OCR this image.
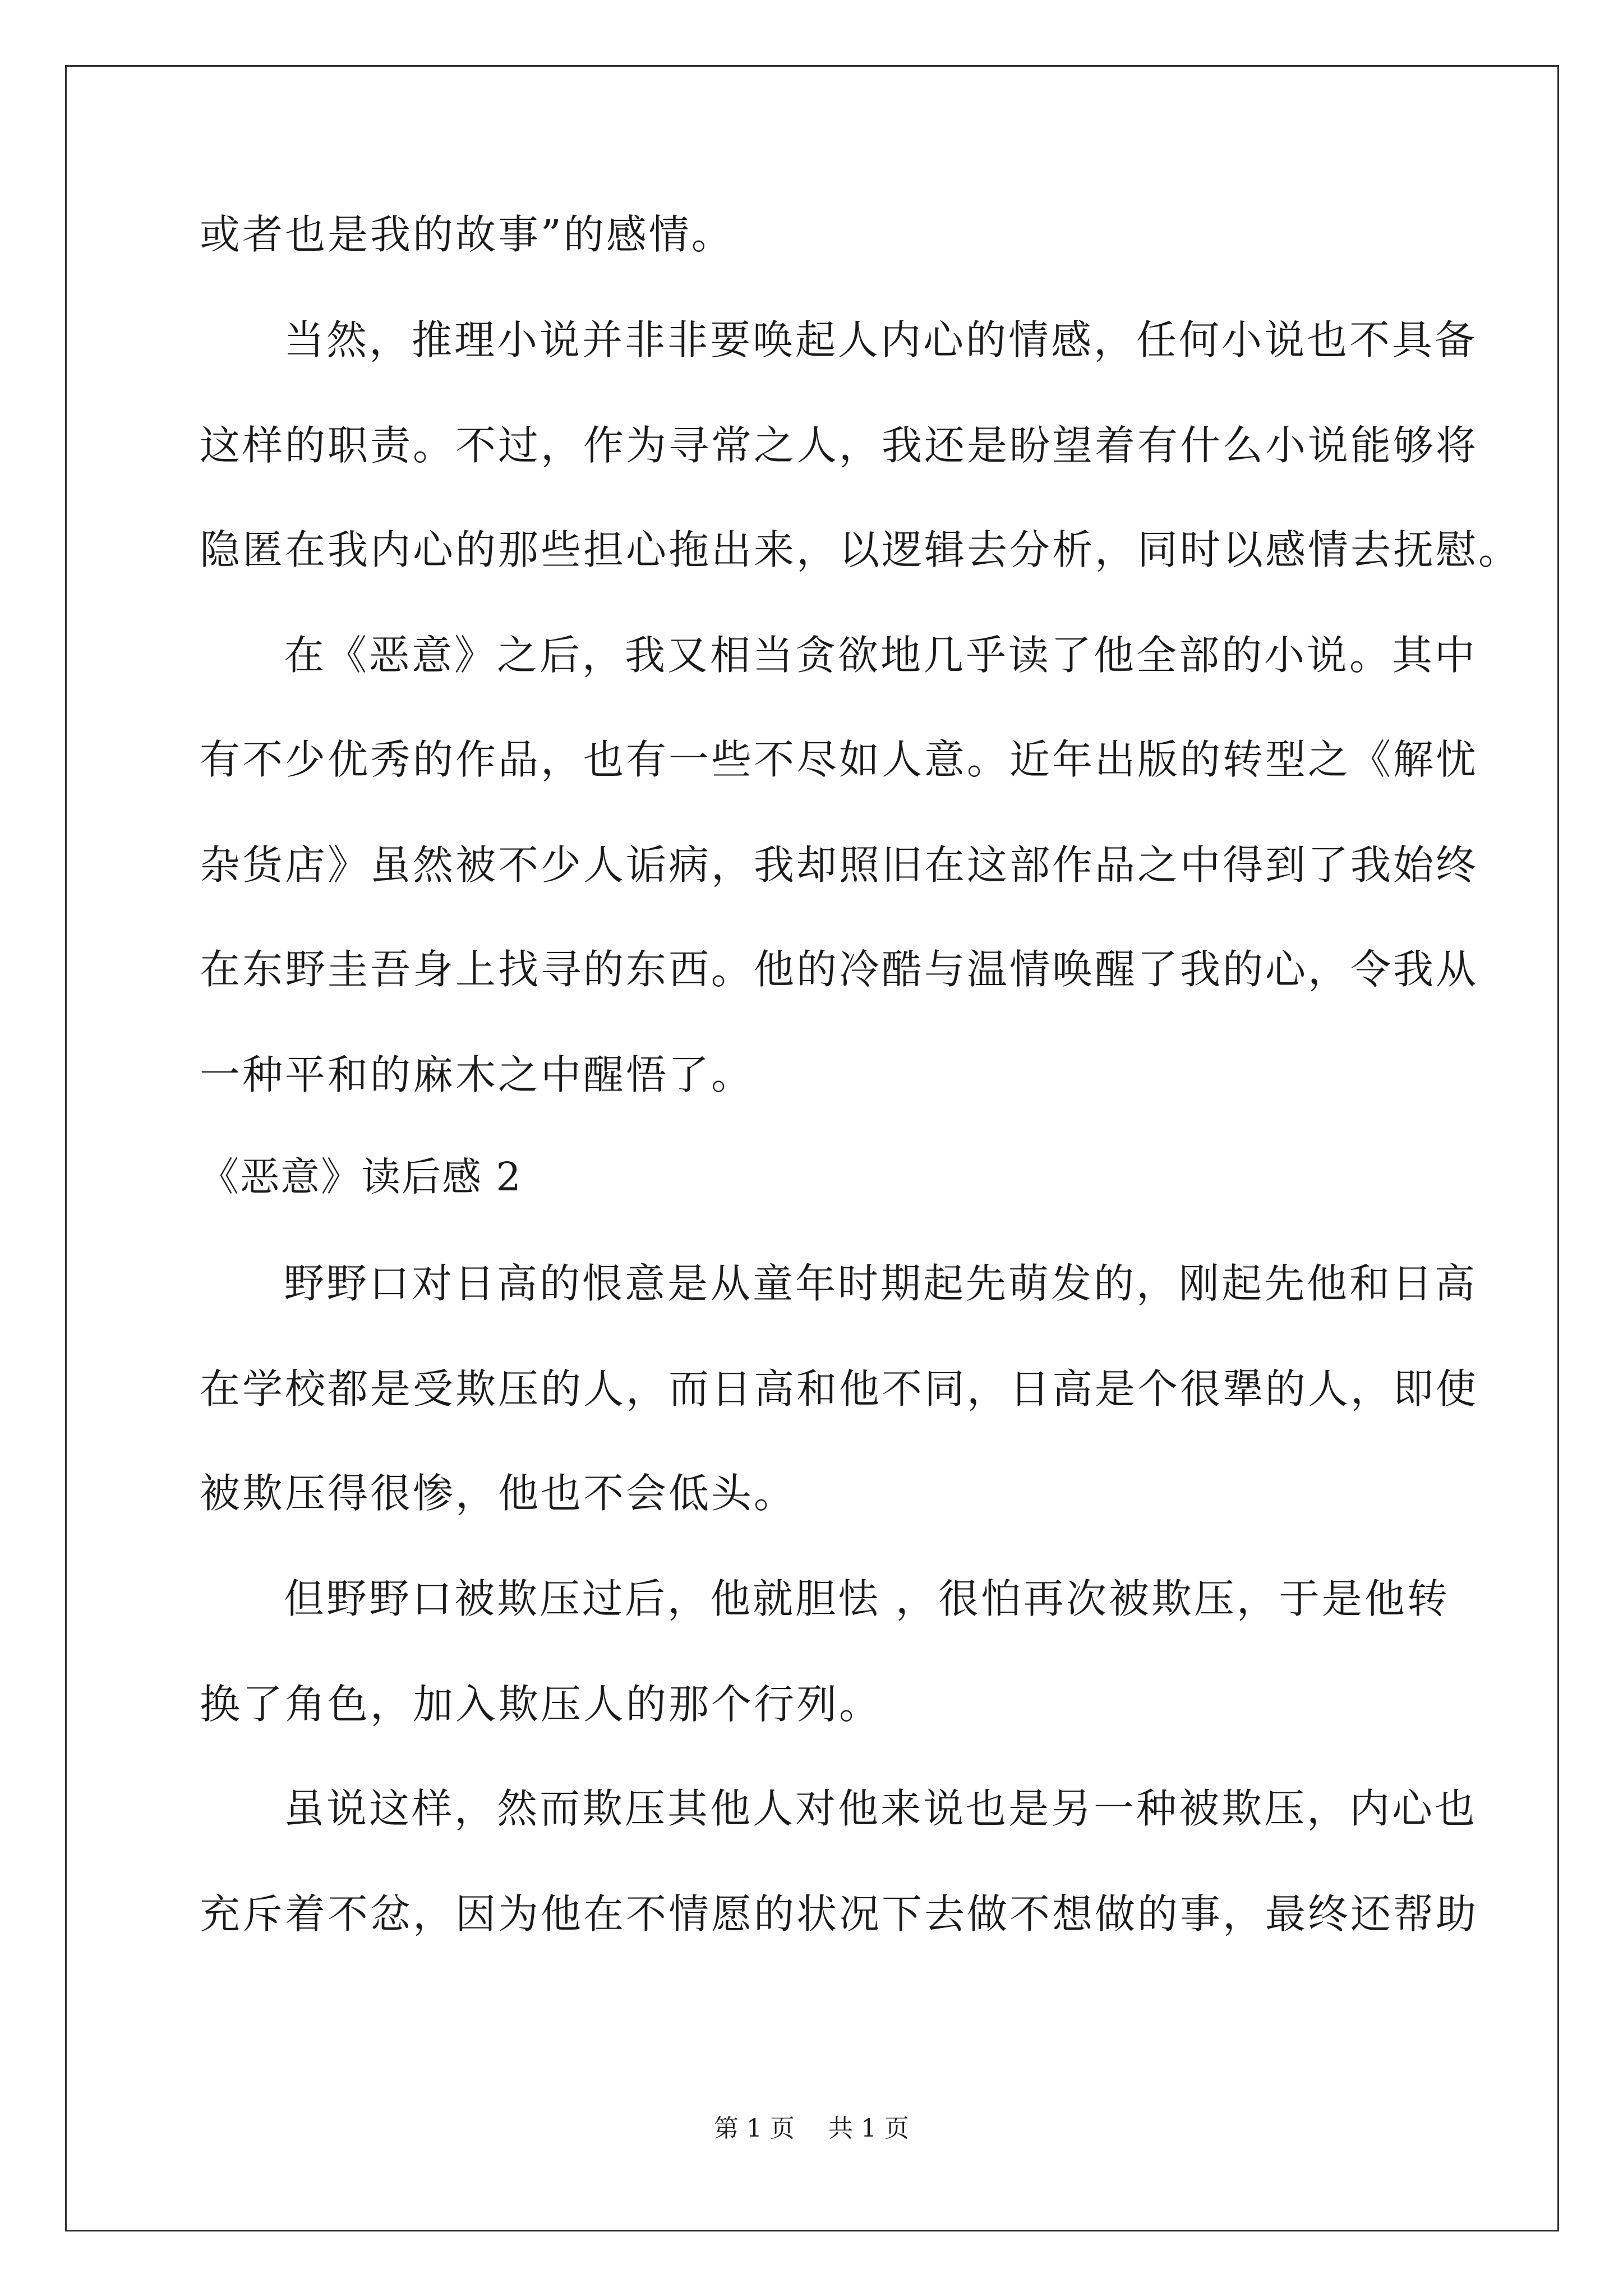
或者也是我的故事”的感情。
当然，推理小说并非非要唤起人内心的情感，任何小说也不具备
这样的职责。不过，作为寻常之人，我还是盼望着有什么小说能够将
隐匿在我内心的那些担心拖出来，以逻辑去分析，同时以感情去抚慰。
在《恶意》之后，我又相当贪欲地几乎读了他全部的小说。其中
有不少优秀的作品，也有一些不尽如人意。近年出版的转型之《解忧
杂货店》虽然被不少人诟病，我却照旧在这部作品之中得到了我始终
在东野圭吾身上找寻的东西。他的冷酷与温情唤醒了我的心，令我从
一种平和的麻木之中醒悟了。
《恶意》读后感 2
野野口对日高的恨意是从童年时期起先萌发的，刚起先他和日高
在学校都是受欺压的人，而日高和他不同，日高是个很犟的人，即使
被欺压得很惨，他也不会低头。
但野野口被欺压过后，他就胆怯 ，很怕再次被欺压，于是他转
换了角色，加入欺压人的那个行列。
虽说这样，然而欺压其他人对他来说也是另一种被欺压，内心也
充斥着不忿，因为他在不情愿的状况下去做不想做的事，最终还帮助
第 1 页 共 1 页
